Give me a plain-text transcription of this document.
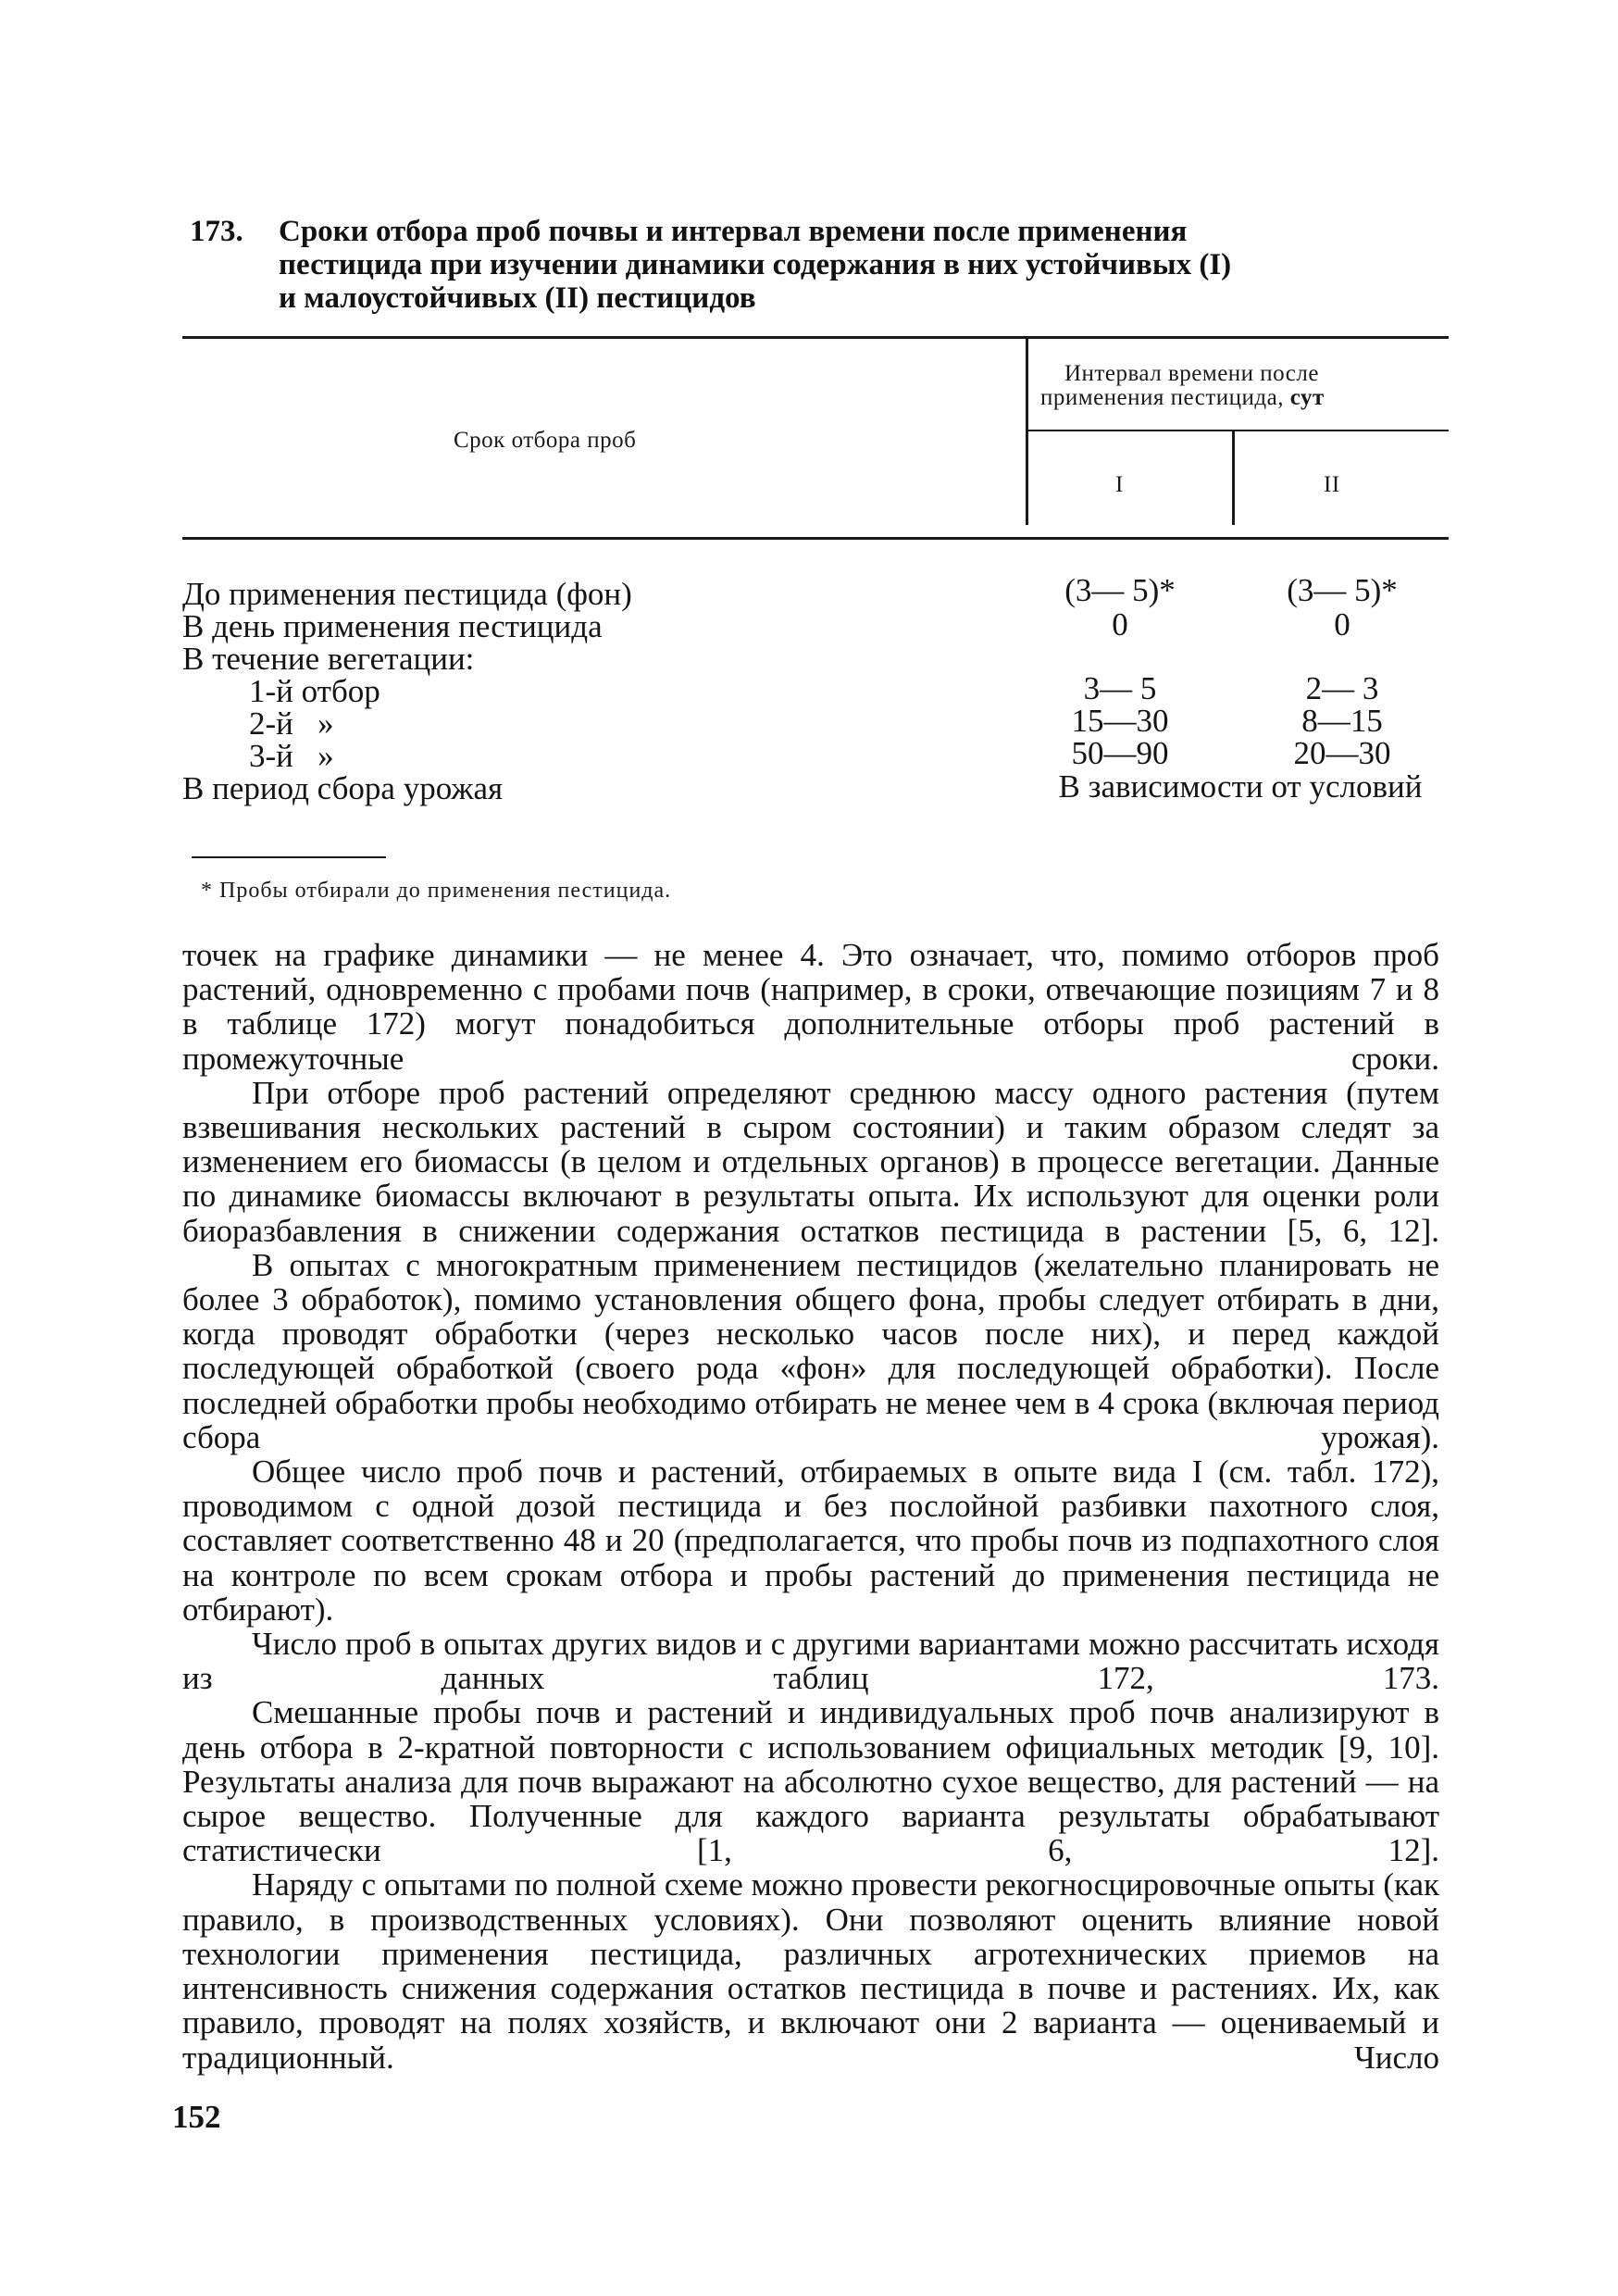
173. Сроки отбора проб почвы и интервал времени после применения
пестицида при изучении динамики содержания в них устойчивых (I)
и малоустойчивых (II) пестицидов
Срок отбора проб
Интервал времени после
применения пестицида, сут
I	II
До применения пестицида (фон)	(3— 5)*	(3— 5)*
В день применения пестицида	0	0
В течение вегетации:
1-й отбор	3— 5	2— 3
2-й   »	15—30	8—15
3-й   »	50—90	20—30
В период сбора урожая	В зависимости от условий
* Пробы отбирали до применения пестицида.

точек на графике динамики — не менее 4. Это означает, что, помимо отборов проб растений, одновременно с пробами почв (например, в сроки, отвечающие позициям 7 и 8 в таблице 172) могут понадобиться дополнительные отборы проб растений в промежуточные сроки.

При отборе проб растений определяют среднюю массу одного растения (путем взвешивания нескольких растений в сыром состоянии) и таким образом следят за изменением его биомассы (в целом и отдельных органов) в процессе вегетации. Данные по динамике биомассы включают в результаты опыта. Их используют для оценки роли биоразбавления в снижении содержания остатков пестицида в растении [5, 6, 12].

В опытах с многократным применением пестицидов (желательно планировать не более 3 обработок), помимо установления общего фона, пробы следует отбирать в дни, когда проводят обработки (через несколько часов после них), и перед каждой последующей обработкой (своего рода «фон» для последующей обработки). После последней обработки пробы необходимо отбирать не менее чем в 4 срока (включая период сбора урожая).

Общее число проб почв и растений, отбираемых в опыте вида I (см. табл. 172), проводимом с одной дозой пестицида и без послойной разбивки пахотного слоя, составляет соответственно 48 и 20 (предполагается, что пробы почв из подпахотного слоя на контроле по всем срокам отбора и пробы растений до применения пестицида не отбирают).

Число проб в опытах других видов и с другими вариантами можно рассчитать исходя из данных таблиц 172, 173.

Смешанные пробы почв и растений и индивидуальных проб почв анализируют в день отбора в 2-кратной повторности с использованием официальных методик [9, 10]. Результаты анализа для почв выражают на абсолютно сухое вещество, для растений — на сырое вещество. Полученные для каждого варианта результаты обрабатывают статистически [1, 6, 12].

Наряду с опытами по полной схеме можно провести рекогносцировочные опыты (как правило, в производственных условиях). Они позволяют оценить влияние новой технологии применения пестицида, различных агротехнических приемов на интенсивность снижения содержания остатков пестицида в почве и растениях. Их, как правило, проводят на полях хозяйств, и включают они 2 варианта — оцениваемый и традиционный. Число

152
